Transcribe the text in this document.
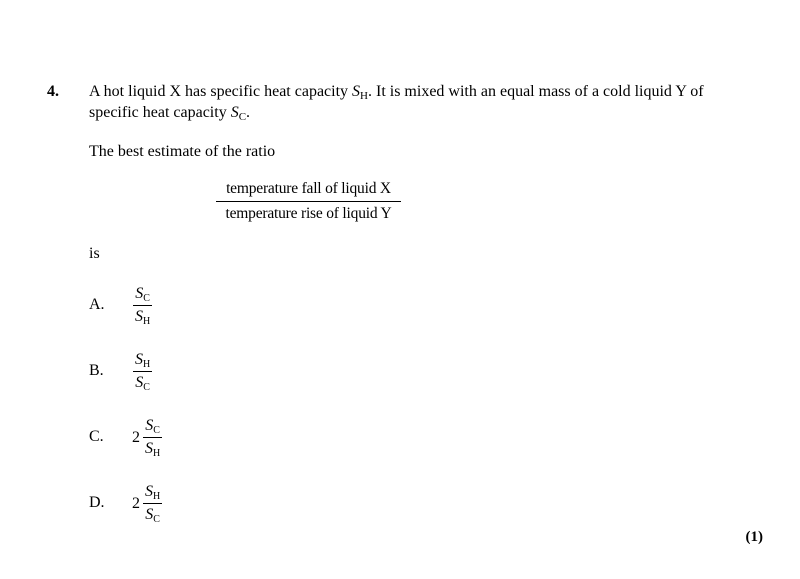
4. A hot liquid X has specific heat capacity $S_H$. It is mixed with an equal mass of a cold liquid Y of
specific heat capacity $S_C$.
The best estimate of the ratio
temperature fall of liquid X
temperature rise of liquid Y
is
A. $\frac{S_C}{S_H}$
B. $\frac{S_H}{S_C}$
C. $2 \frac{S_C}{S_H}$
D. $2 \frac{S_H}{S_C}$
(1)
